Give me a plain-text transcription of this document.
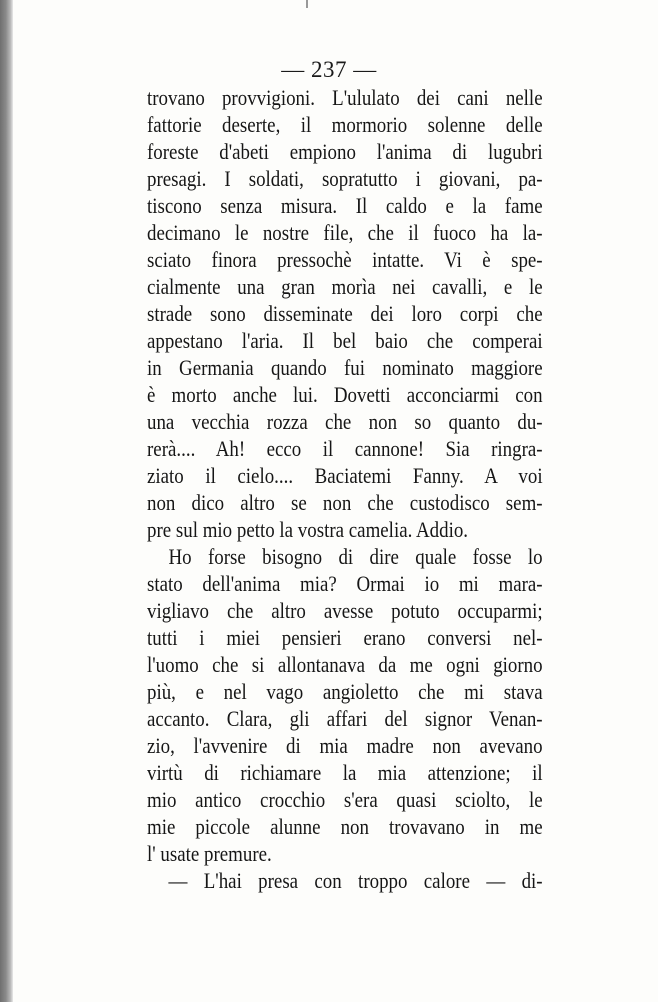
— 237 —
trovano provvigioni. L'ululato dei cani nelle
fattorie deserte, il mormorio solenne delle
foreste d'abeti empiono l'anima di lugubri
presagi. I soldati, sopratutto i giovani, pa-
tiscono senza misura. Il caldo e la fame
decimano le nostre file, che il fuoco ha la-
sciato finora pressochè intatte. Vi è spe-
cialmente una gran morìa nei cavalli, e le
strade sono disseminate dei loro corpi che
appestano l'aria. Il bel baio che comperai
in Germania quando fui nominato maggiore
è morto anche lui. Dovetti acconciarmi con
una vecchia rozza che non so quanto du-
rerà.... Ah! ecco il cannone! Sia ringra-
ziato il cielo.... Baciatemi Fanny. A voi
non dico altro se non che custodisco sem-
pre sul mio petto la vostra camelia. Addio.
Ho forse bisogno di dire quale fosse lo
stato dell'anima mia? Ormai io mi mara-
vigliavo che altro avesse potuto occuparmi;
tutti i miei pensieri erano conversi nel-
l'uomo che si allontanava da me ogni giorno
più, e nel vago angioletto che mi stava
accanto. Clara, gli affari del signor Venan-
zio, l'avvenire di mia madre non avevano
virtù di richiamare la mia attenzione; il
mio antico crocchio s'era quasi sciolto, le
mie piccole alunne non trovavano in me
l' usate premure.
— L'hai presa con troppo calore — di-
